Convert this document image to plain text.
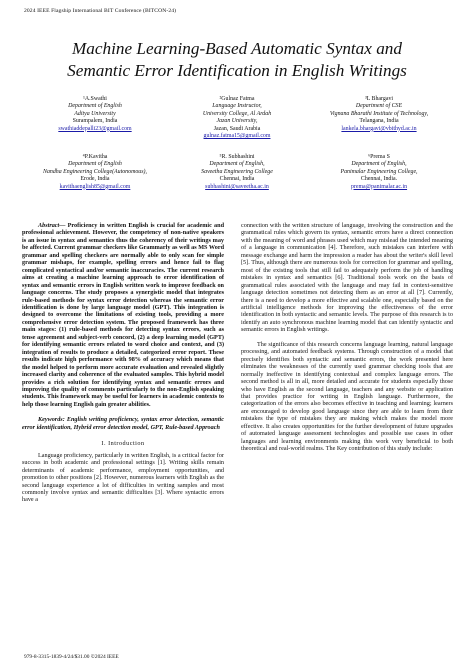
2024 IEEE Flagship International BIT Conference (BITCON-24)
Machine Learning-Based Automatic Syntax and
Semantic Error Identification in English Writings
¹A.Swathi
Department of English
Aditya University
Surampalem, India
swathiaddepalli23@gmail.com
²Gulnaz Fatma
Language Instructor,
University College, Al Ardah
Jazan University,
Jazan, Saudi Arabia
gulnaz.fatma15@gmail.com
³L Bhargavi
Department of CSE
Vignana Bharathi Institute of Technology,
Telangana, India
lankela.bhargavi@vbithyd.ac.in
⁴P.Kavitha
Department of English
Nandha Engineering College(Autonomous),
Erode, India
kavithaenglish85@gmail.com
⁵R. Subhashini
Department of English,
Saveetha Engineering College
Chennai, India
subhashini@saveetha.ac.in
⁶Prema S
Department of English,
Panimalar Engineering College,
Chennai, India.
prema@panimalar.ac.in

Abstract— Proficiency in written English is crucial for academic and professional achievement. However, the competency of non-native speakers is an issue in syntax and semantics thus the coherency of their writings may be affected. Current grammar checkers like Grammarly as well as MS Word grammar and spelling checkers are normally able to only scan for simple grammar mishaps, for example, spelling errors and hence fail to flag complicated syntactical and/or semantic inaccuracies. The current research aims at creating a machine learning approach to error identification of syntax and semantic errors in English written work to improve feedback on language concerns. The study proposes a synergistic model that integrates rule-based methods for syntax error detection whereas the semantic error identification is done by large language model (GPT). This integration is designed to overcome the limitations of existing tools, providing a more comprehensive error detection system. The proposed framework has three main stages: (1) rule-based methods for detecting syntax errors, such as tense agreement and subject-verb concord, (2) a deep learning model (GPT) for identifying semantic errors related to word choice and context, and (3) integration of results to produce a detailed, categorized error report. These results indicate high performance with 98% of accuracy which means that the model helped to perform more accurate evaluation and revealed slightly increased clarity and coherence of the evaluated samples. This hybrid model provides a rich solution for identifying syntax and semantic errors and improving the quality of comments particularly to the non-English speaking students. This framework may be useful for learners in academic contexts to help those learning English gain greater abilities.

Keywords: English writing proficiency, syntax error detection, semantic error identification, Hybrid error detection model, GPT, Rule-based Approach

I. Introduction

Language proficiency, particularly in written English, is a critical factor for success in both academic and professional settings [1]. Writing skills remain determinants of academic performance, employment opportunities, and promotion to other positions [2]. However, numerous learners with English as the second language experience a lot of difficulties in writing samples and most commonly involve syntax and semantic difficulties [3]. Where syntactic errors have a

connection with the written structure of language, involving the construction and the grammatical rules which govern its syntax, semantic errors have a direct connection with the meaning of word and phrases used which may mislead the intended meaning of a language in communication [4]. Therefore, such mistakes can interfere with message exchange and harm the impression a reader has about the writer's skill level [5]. Thus, although there are numerous tools for correction for grammar and spelling, most of the existing tools that still fail to adequately perform the job of handling mistakes in syntax and semantics [6]. Traditional tools work on the basis of grammatical rules associated with the language and may fail in context-sensitive language detection sometimes not detecting them as an error at all [7]. Currently, there is a need to develop a more effective and scalable one, especially based on the artificial intelligence methods for improving the effectiveness of the error identification in both syntactic and semantic levels. The purpose of this research is to identify an auto synchronous machine learning model that can identify syntactic and semantic errors in English writings.

The significance of this research concerns language learning, natural language processing, and automated feedback systems. Through construction of a model that precisely identifies both syntactic and semantic errors, the work presented here eliminates the weaknesses of the currently used grammar checking tools that are normally ineffective in identifying contextual and complex language errors. The second method is all in all, more detailed and accurate for students especially those who have English as the second language, teachers and any website or application that provides practice for writing in English language. Furthermore, the categorization of the errors also becomes effective in teaching and learning; learners are encouraged to develop good language since they are able to learn from their mistakes the type of mistakes they are making which makes the model more effective. It also creates opportunities for the further development of future upgrades of automated language assessment technologies and possible use cases in other languages and learning environments making this work very beneficial to both theoretical and real-world realms. The Key contribution of this study include:

979-8-3315-1839-4/24/$31.00 ©2024 IEEE
